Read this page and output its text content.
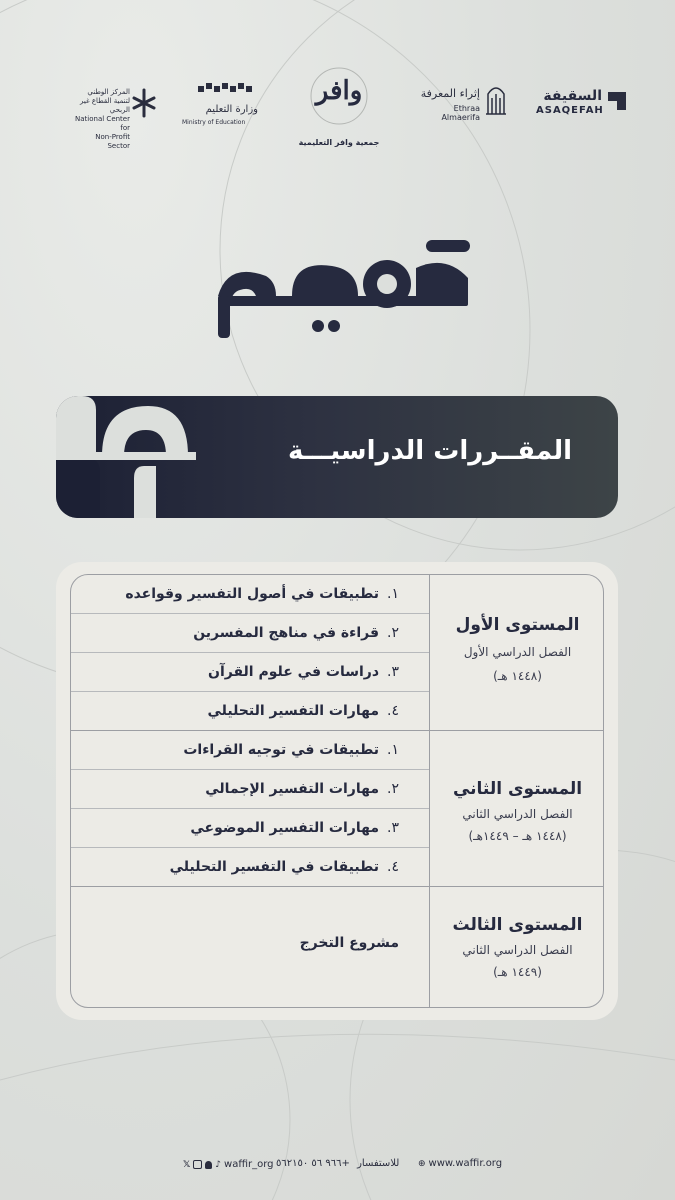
المركز الوطني لتنمية القطاع غير الربحي
National Center for
Non-Profit Sector
وزارة التعليم
Ministry of Education
وافر
جمعية وافر التعليمية
إثراء المعرفة
Ethraa Almaerifa
السقيفة
ASAQEFAH
المقــررات الدراسيـــة
المستوى الأول
الفصل الدراسي الأول
(١٤٤٨ هـ)
١.تطبيقات في أصول التفسير وقواعده
٢.قراءة في مناهج المفسرين
٣.دراسات في علوم القرآن
٤.مهارات التفسير التحليلي
المستوى الثاني
الفصل الدراسي الثاني
(١٤٤٨ هـ – ١٤٤٩هـ)
١.تطبيقات في توجيه القراءات
٢.مهارات التفسير الإجمالي
٣.مهارات التفسير الموضوعي
٤.تطبيقات في التفسير التحليلي
المستوى الثالث
الفصل الدراسي الثاني
(١٤٤٩ هـ)
مشروع التخرج
𝕏	♪ waffir_org	للاستفسار +٩٦٦ ٥٦ ٥٦٢١٥٠	⊕ www.waffir.org
